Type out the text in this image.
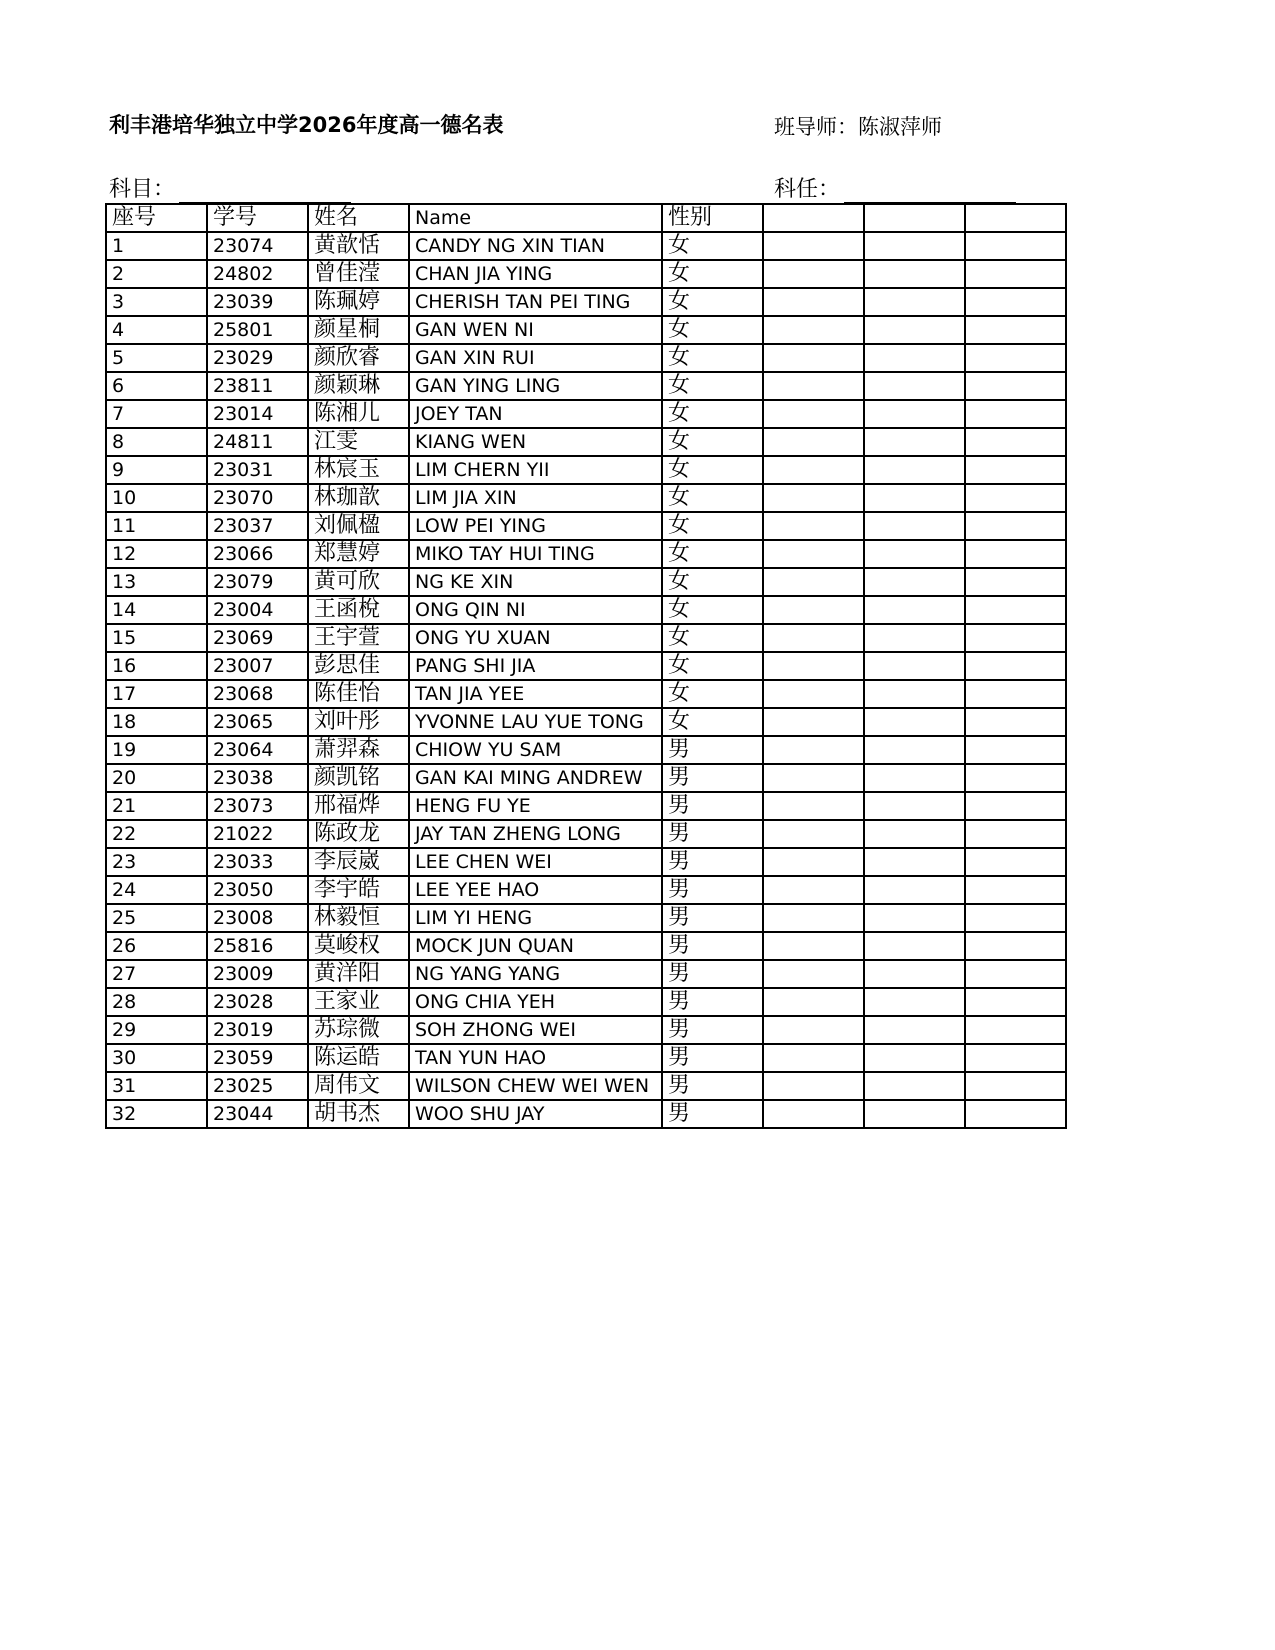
利丰港培华独立中学2026年度高一德名表	班导师：陈淑萍师
科目：	科任：
座号	学号	姓名	Name	性别			
1	23074	黄歆恬	CANDY NG XIN TIAN	女			
2	24802	曾佳滢	CHAN JIA YING	女			
3	23039	陈珮婷	CHERISH TAN PEI TING	女			
4	25801	颜星桐	GAN WEN NI	女			
5	23029	颜欣睿	GAN XIN RUI	女			
6	23811	颜颖琳	GAN YING LING	女			
7	23014	陈湘儿	JOEY TAN	女			
8	24811	江雯	KIANG WEN	女			
9	23031	林宸玉	LIM CHERN YII	女			
10	23070	林珈歆	LIM JIA XIN	女			
11	23037	刘佩楹	LOW PEI YING	女			
12	23066	郑慧婷	MIKO TAY HUI TING	女			
13	23079	黄可欣	NG KE XIN	女			
14	23004	王函梲	ONG QIN NI	女			
15	23069	王宇萱	ONG YU XUAN	女			
16	23007	彭思佳	PANG SHI JIA	女			
17	23068	陈佳怡	TAN JIA YEE	女			
18	23065	刘叶彤	YVONNE LAU YUE TONG	女			
19	23064	萧羿森	CHIOW YU SAM	男			
20	23038	颜凯铭	GAN KAI MING ANDREW	男			
21	23073	邢福烨	HENG FU YE	男			
22	21022	陈政龙	JAY TAN ZHENG LONG	男			
23	23033	李辰崴	LEE CHEN WEI	男			
24	23050	李宇皓	LEE YEE HAO	男			
25	23008	林毅恒	LIM YI HENG	男			
26	25816	莫峻权	MOCK JUN QUAN	男			
27	23009	黄洋阳	NG YANG YANG	男			
28	23028	王家业	ONG CHIA YEH	男			
29	23019	苏琮微	SOH ZHONG WEI	男			
30	23059	陈运皓	TAN YUN HAO	男			
31	23025	周伟文	WILSON CHEW WEI WEN	男			
32	23044	胡书杰	WOO SHU JAY	男			
